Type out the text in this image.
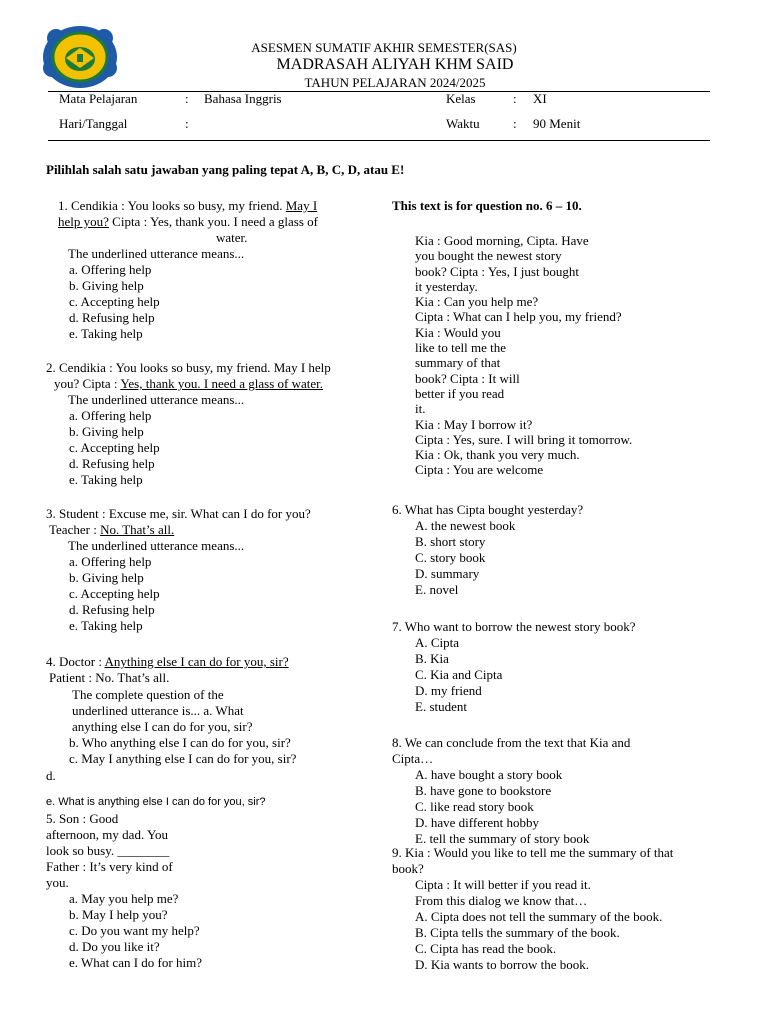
ASESMEN SUMATIF AKHIR SEMESTER(SAS)
MADRASAH ALIYAH KHM SAID
TAHUN PELAJARAN 2024/2025
Mata Pelajaran	: Bahasa Inggris	Kelas	: XI
Hari/Tanggal	:	Waktu	: 90 Menit
Pilihlah salah satu jawaban yang paling tepat A, B, C, D, atau E!

1. Cendikia : You looks so busy, my friend. May I

help you? Cipta : Yes, thank you. I need a glass of

water.

The underlined utterance means...

a. Offering help

b. Giving help

c. Accepting help

d. Refusing help

e. Taking help

2. Cendikia : You looks so busy, my friend. May I help

you? Cipta : Yes, thank you. I need a glass of water.

The underlined utterance means...

a. Offering help

b. Giving help

c. Accepting help

d. Refusing help

e. Taking help

3. Student : Excuse me, sir. What can I do for you?

Teacher : No. That’s all.

The underlined utterance means...

a. Offering help

b. Giving help

c. Accepting help

d. Refusing help

e. Taking help

4. Doctor : Anything else I can do for you, sir?

Patient : No. That’s all.

The complete question of the

underlined utterance is... a. What

anything else I can do for you, sir?

b. Who anything else I can do for you, sir?

c. May I anything else I can do for you, sir?

d.

e. What is anything else I can do for you, sir?

5. Son : Good

afternoon, my dad. You

look so busy. ________

Father : It’s very kind of

you.

a. May you help me?

b. May I help you?

c. Do you want my help?

d. Do you like it?

e. What can I do for him?

This text is for question no. 6 – 10.

Kia : Good morning, Cipta. Have

you bought the newest story

book? Cipta : Yes, I just bought

it yesterday.

Kia : Can you help me?

Cipta : What can I help you, my friend?

Kia : Would you

like to tell me the

summary of that

book? Cipta : It will

better if you read

it.

Kia : May I borrow it?

Cipta : Yes, sure. I will bring it tomorrow.

Kia : Ok, thank you very much.

Cipta : You are welcome

6. What has Cipta bought yesterday?

A. the newest book

B. short story

C. story book

D. summary

E. novel

7. Who want to borrow the newest story book?

A. Cipta

B. Kia

C. Kia and Cipta

D. my friend

E. student

8. We can conclude from the text that Kia and

Cipta…

A. have bought a story book

B. have gone to bookstore

C. like read story book

D. have different hobby

E. tell the summary of story book

9. Kia : Would you like to tell me the summary of that

book?

Cipta : It will better if you read it.

From this dialog we know that…

A. Cipta does not tell the summary of the book.

B. Cipta tells the summary of the book.

C. Cipta has read the book.

D. Kia wants to borrow the book.
